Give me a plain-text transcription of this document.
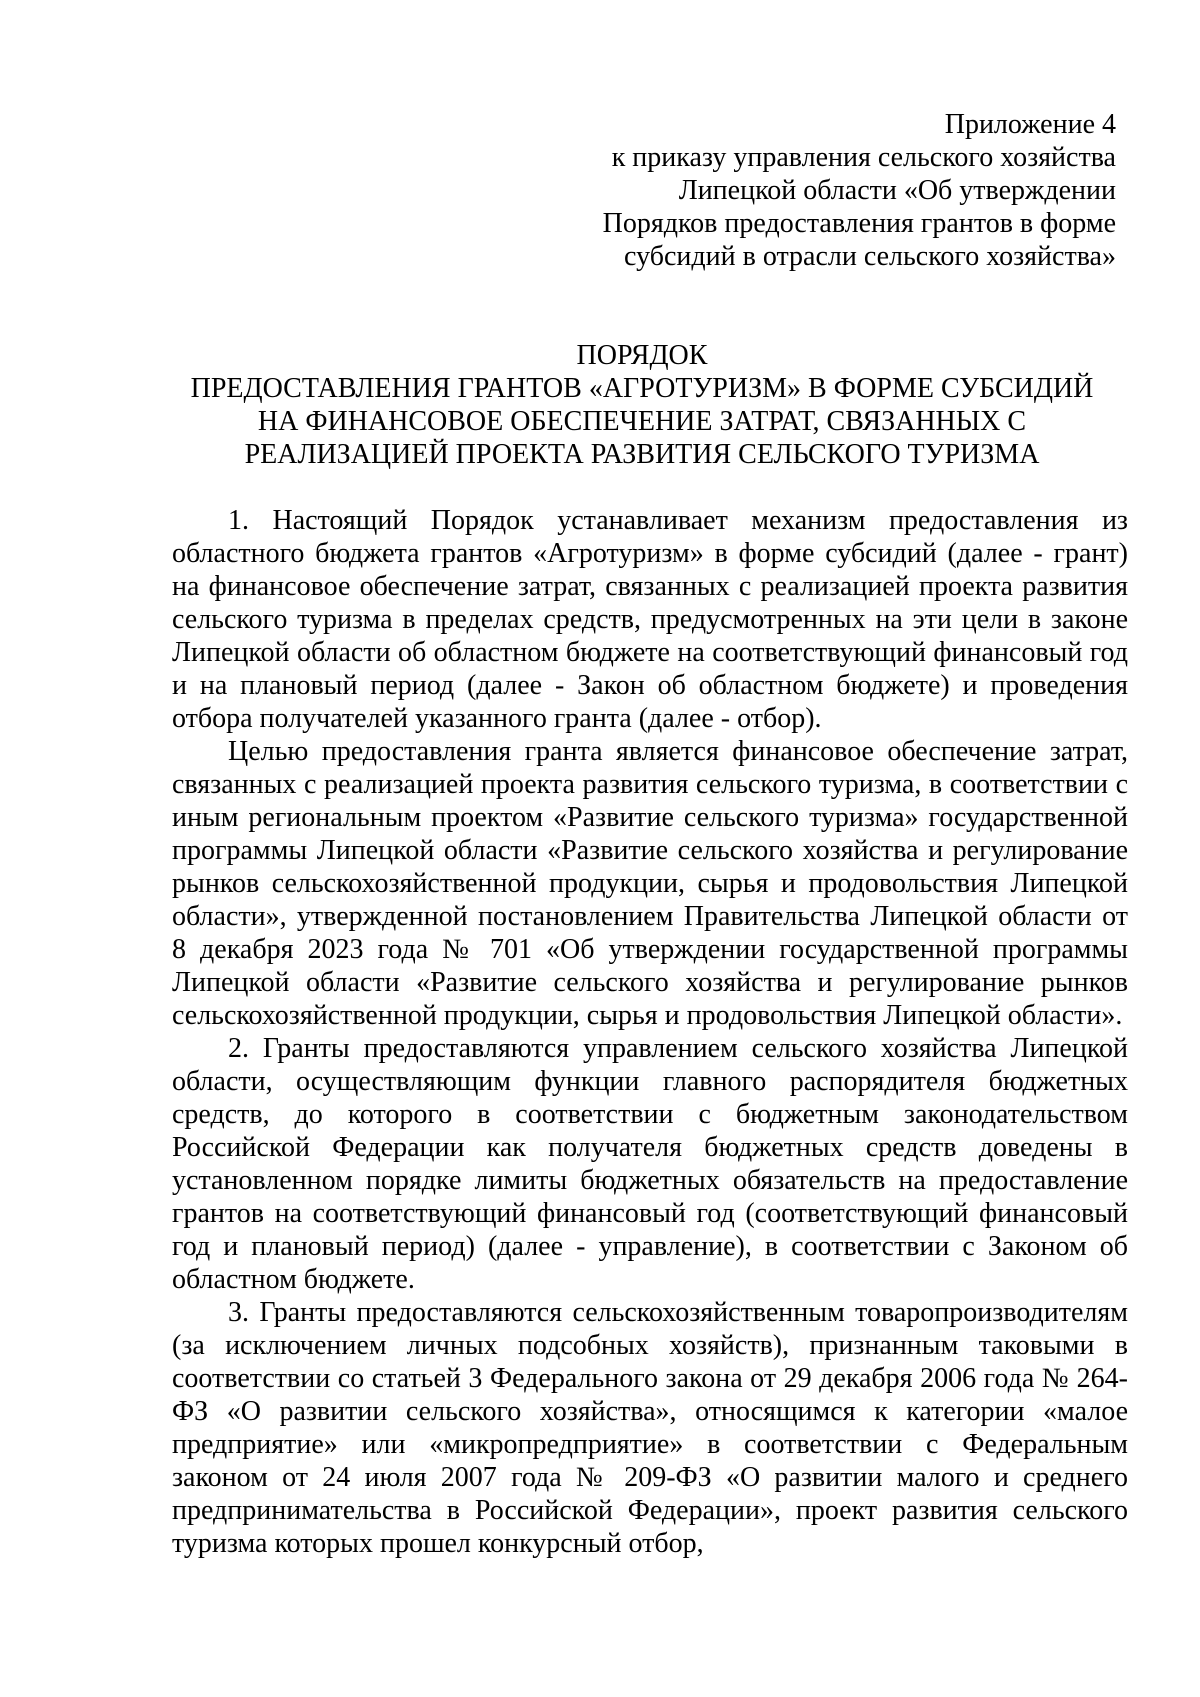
Приложение 4
к приказу управления сельского хозяйства
Липецкой области «Об утверждении
Порядков предоставления грантов в форме
субсидий в отрасли сельского хозяйства»
ПОРЯДОК
ПРЕДОСТАВЛЕНИЯ ГРАНТОВ «АГРОТУРИЗМ» В ФОРМЕ СУБСИДИЙ
НА ФИНАНСОВОЕ ОБЕСПЕЧЕНИЕ ЗАТРАТ, СВЯЗАННЫХ С
РЕАЛИЗАЦИЕЙ ПРОЕКТА РАЗВИТИЯ СЕЛЬСКОГО ТУРИЗМА

1. Настоящий Порядок устанавливает механизм предоставления из областного бюджета грантов «Агротуризм» в форме субсидий (далее - грант) на финансовое обеспечение затрат, связанных с реализацией проекта развития сельского туризма в пределах средств, предусмотренных на эти цели в законе Липецкой области об областном бюджете на соответствующий финансовый год и на плановый период (далее - Закон об областном бюджете) и проведения отбора получателей указанного гранта (далее - отбор).

Целью предоставления гранта является финансовое обеспечение затрат, связанных с реализацией проекта развития сельского туризма, в соответствии с иным региональным проектом «Развитие сельского туризма» государственной программы Липецкой области «Развитие сельского хозяйства и регулирование рынков сельскохозяйственной продукции, сырья и продовольствия Липецкой области», утвержденной постановлением Правительства Липецкой области от 8 декабря 2023 года № 701 «Об утверждении государственной программы Липецкой области «Развитие сельского хозяйства и регулирование рынков сельскохозяйственной продукции, сырья и продовольствия Липецкой области».

2. Гранты предоставляются управлением сельского хозяйства Липецкой области, осуществляющим функции главного распорядителя бюджетных средств, до которого в соответствии с бюджетным законодательством Российской Федерации как получателя бюджетных средств доведены в установленном порядке лимиты бюджетных обязательств на предоставление грантов на соответствующий финансовый год (соответствующий финансовый год и плановый период) (далее - управление), в соответствии с Законом об областном бюджете.

3. Гранты предоставляются сельскохозяйственным товаропроизводителям (за исключением личных подсобных хозяйств), признанным таковыми в соответствии со статьей 3 Федерального закона от 29 декабря 2006 года № 264-ФЗ «О развитии сельского хозяйства», относящимся к категории «малое предприятие» или «микропредприятие» в соответствии с Федеральным законом от 24 июля 2007 года № 209-ФЗ «О развитии малого и среднего предпринимательства в Российской Федерации», проект развития сельского туризма которых прошел конкурсный отбор,
